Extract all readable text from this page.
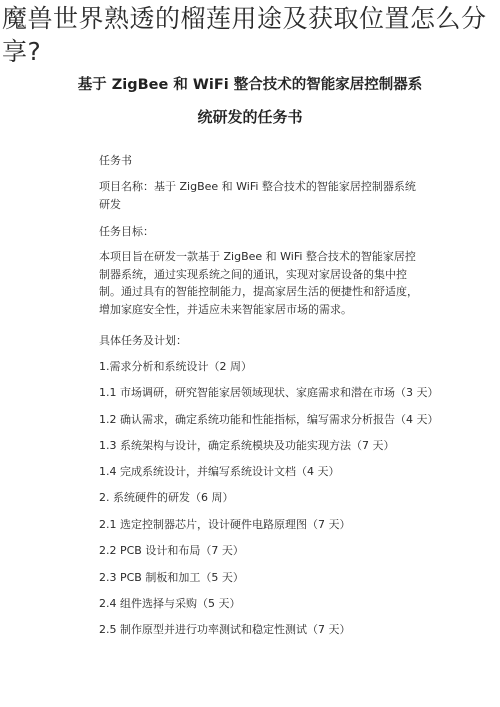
基于 ZigBee 和 WiFi 整合技术的智能家居控制器系
统研发的任务书
任务书
项目名称：基于 ZigBee 和 WiFi 整合技术的智能家居控制器系统研发
任务目标：
本项目旨在研发一款基于 ZigBee 和 WiFi 整合技术的智能家居控制器系统，通过实现系统之间的通讯，实现对家居设备的集中控制。通过具有的智能控制能力，提高家居生活的便捷性和舒适度，增加家庭安全性，并适应未来智能家居市场的需求。
具体任务及计划：
1.需求分析和系统设计（2 周）
1.1 市场调研，研究智能家居领域现状、家庭需求和潜在市场（3 天）
1.2 确认需求，确定系统功能和性能指标，编写需求分析报告（4 天）
1.3 系统架构与设计，确定系统模块及功能实现方法（7 天）
1.4 完成系统设计，并编写系统设计文档（4 天）
2. 系统硬件的研发（6 周）
2.1 选定控制器芯片，设计硬件电路原理图（7 天）
2.2 PCB 设计和布局（7 天）
2.3 PCB 制板和加工（5 天）
2.4 组件选择与采购（5 天）
2.5 制作原型并进行功率测试和稳定性测试（7 天）
魔兽世界熟透的榴莲用途及获取位置怎么分享?
